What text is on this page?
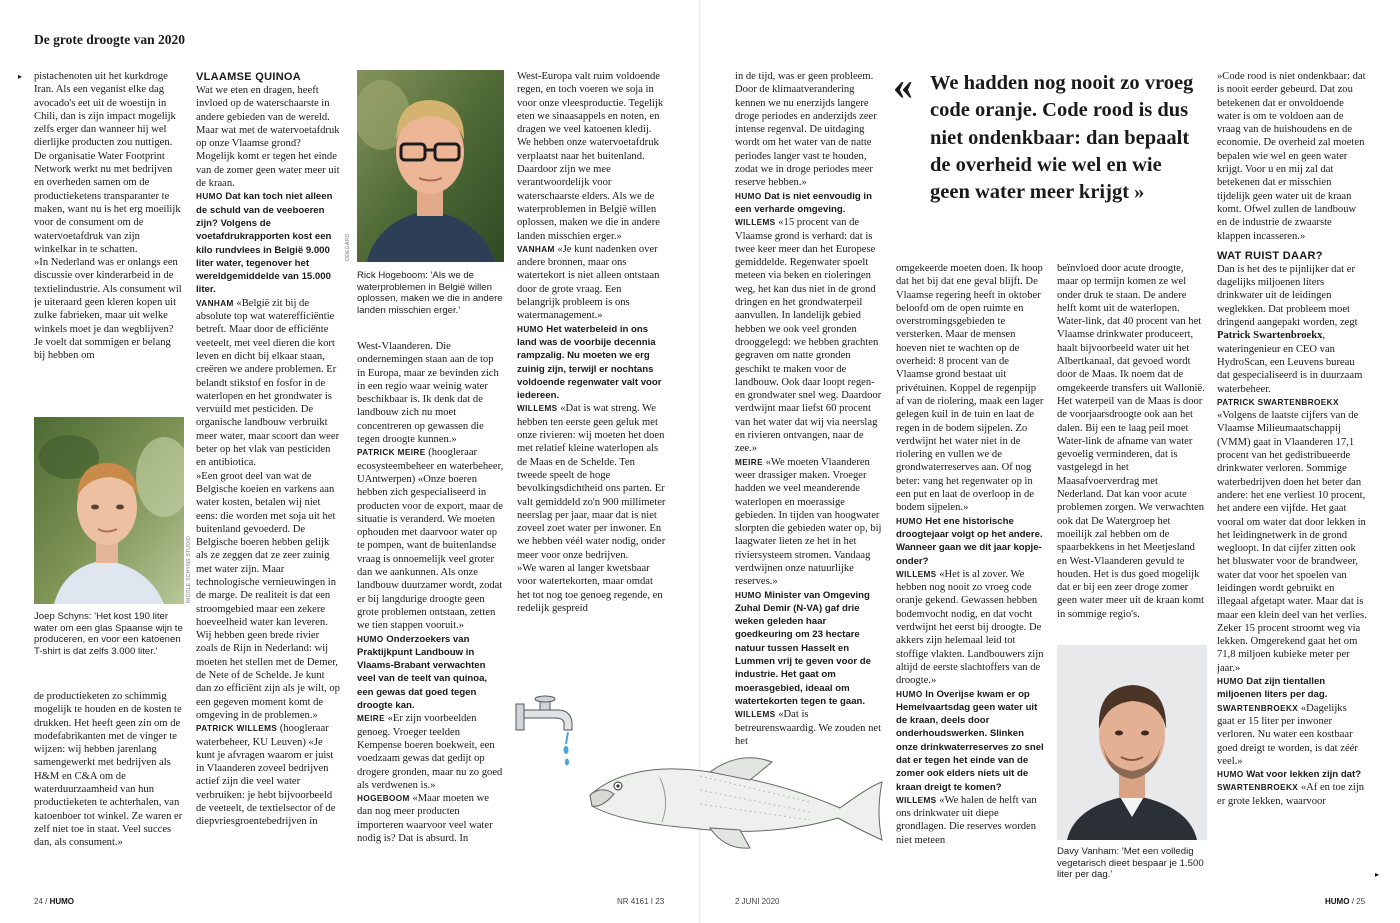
De grote droogte van 2020
▸ pistachenoten uit het kurkdroge Iran. Als een veganist elke dag avocado's eet uit de woestijn in Chili, dan is zijn impact mogelijk zelfs erger dan wanneer hij wel dierlijke producten zou nuttigen. De organisatie Water Footprint Network werkt nu met bedrijven en overheden samen om de productieketens transparanter te maken, want nu is het erg moeilijk voor de consument om de watervoetafdruk van zijn winkelkar in te schatten.

»In Nederland was er onlangs een discussie over kinderarbeid in de textielindustrie. Als consument wil je uiteraard geen kleren kopen uit zulke fabrieken, maar uit welke winkels moet je dan wegblijven? Je voelt dat sommigen er belang bij hebben om

NICOLE SCHYNS STUDIO
Joep Schyns: 'Het kost 190 liter water om een glas Spaanse wijn te produceren, en voor een katoenen T-shirt is dat zelfs 3.000 liter.'

de productieketen zo schimmig mogelijk te houden en de kosten te drukken. Het heeft geen zin om de modefabrikanten met de vinger te wijzen: wij hebben jarenlang samengewerkt met bedrijven als H&M en C&A om de waterduurzaamheid van hun productieketen te achterhalen, van katoenboer tot winkel. Ze waren er zelf niet toe in staat. Veel succes dan, als consument.»

VLAAMSE QUINOA

Wat we eten en dragen, heeft invloed op de waterschaarste in andere gebieden van de wereld. Maar wat met de watervoetafdruk op onze Vlaamse grond? Mogelijk komt er tegen het einde van de zomer geen water meer uit de kraan.

HUMO Dat kan toch niet alleen de schuld van de veeboeren zijn? Volgens de voetafdrukrapporten kost een kilo rundvlees in België 9.000 liter water, tegenover het wereldgemiddelde van 15.000 liter.

VANHAM «België zit bij de absolute top wat waterefficiëntie betreft. Maar door de efficiënte veeteelt, met veel dieren die kort leven en dicht bij elkaar staan, creëren we andere problemen. Er belandt stikstof en fosfor in de waterlopen en het grondwater is vervuild met pesticiden. De organische landbouw verbruikt meer water, maar scoort dan weer beter op het vlak van pesticiden en antibiotica.

»Een groot deel van wat de Belgische koeien en varkens aan water kosten, betalen wij niet eens: die worden met soja uit het buitenland gevoederd. De Belgische boeren hebben gelijk als ze zeggen dat ze zeer zuinig met water zijn. Maar technologische vernieuwingen in de marge. De realiteit is dat een stroomgebied maar een zekere hoeveelheid water kan leveren. Wij hebben geen brede rivier zoals de Rijn in Nederland: wij moeten het stellen met de Demer, de Nete of de Schelde. Je kunt dan zo efficiënt zijn als je wilt, op een gegeven moment komt de omgeving in de problemen.»

PATRICK WILLEMS (hoogleraar waterbeheer, KU Leuven) «Je kunt je afvragen waarom er juist in Vlaanderen zoveel bedrijven actief zijn die veel water verbruiken: je hebt bijvoorbeeld de veeteelt, de textielsector of de diepvriesgroentebedrijven in

ODEGARD
Rick Hogeboom: 'Als we de waterproblemen in België willen oplossen, maken we die in andere landen misschien erger.'

West-Vlaanderen. Die ondernemingen staan aan de top in Europa, maar ze bevinden zich in een regio waar weinig water beschikbaar is. Ik denk dat de landbouw zich nu moet concentreren op gewassen die tegen droogte kunnen.»

PATRICK MEIRE (hoogleraar ecosysteembeheer en waterbeheer, UAntwerpen) «Onze boeren hebben zich gespecialiseerd in producten voor de export, maar de situatie is veranderd. We moeten ophouden met daarvoor water op te pompen, want de buitenlandse vraag is onnoemelijk veel groter dan we aankunnen. Als onze landbouw duurzamer wordt, zodat er bij langdurige droogte geen grote problemen ontstaan, zetten we tien stappen vooruit.»

HUMO Onderzoekers van Praktijkpunt Landbouw in Vlaams-Brabant verwachten veel van de teelt van quinoa, een gewas dat goed tegen droogte kan.

MEIRE «Er zijn voorbeelden genoeg. Vroeger teelden Kempense boeren boekweit, een voedzaam gewas dat gedijt op drogere gronden, maar nu zo goed als verdwenen is.»

HOGEBOOM «Maar moeten we dan nog meer producten importeren waarvoor veel water nodig is? Dat is absurd. In

West-Europa valt ruim voldoende regen, en toch voeren we soja in voor onze vleesproductie. Tegelijk eten we sinaasappels en noten, en dragen we veel katoenen kledij. We hebben onze watervoetafdruk verplaatst naar het buitenland. Daardoor zijn we mee verantwoordelijk voor waterschaarste elders. Als we de waterproblemen in België willen oplossen, maken we die in andere landen misschien erger.»

VANHAM «Je kunt nadenken over andere bronnen, maar ons watertekort is niet alleen ontstaan door de grote vraag. Een belangrijk probleem is ons watermanagement.»

HUMO Het waterbeleid in ons land was de voorbije decennia rampzalig. Nu moeten we erg zuinig zijn, terwijl er nochtans voldoende regenwater valt voor iedereen.

WILLEMS «Dat is wat streng. We hebben ten eerste geen geluk met onze rivieren: wij moeten het doen met relatief kleine waterlopen als de Maas en de Schelde. Ten tweede speelt de hoge bevolkingsdichtheid ons parten. Er valt gemiddeld zo'n 900 millimeter neerslag per jaar, maar dat is niet zoveel zoet water per inwoner. En we hebben véél water nodig, onder meer voor onze bedrijven.

»We waren al langer kwetsbaar voor watertekorten, maar omdat het tot nog toe genoeg regende, en redelijk gespreid

in de tijd, was er geen probleem. Door de klimaatverandering kennen we nu enerzijds langere droge periodes en anderzijds zeer intense regenval. De uitdaging wordt om het water van de natte periodes langer vast te houden, zodat we in droge periodes meer reserve hebben.»

HUMO Dat is niet eenvoudig in een verharde omgeving.

WILLEMS «15 procent van de Vlaamse grond is verhard: dat is twee keer meer dan het Europese gemiddelde. Regenwater spoelt meteen via beken en rioleringen weg, het kan dus niet in de grond dringen en het grondwaterpeil aanvullen. In landelijk gebied hebben we ook veel gronden drooggelegd: we hebben grachten gegraven om natte gronden geschikt te maken voor de landbouw. Ook daar loopt regen- en grondwater snel weg. Daardoor verdwijnt maar liefst 60 procent van het water dat wij via neerslag en rivieren ontvangen, naar de zee.»

MEIRE «We moeten Vlaanderen weer drassiger maken. Vroeger hadden we veel meanderende waterlopen en moerassige gebieden. In tijden van hoogwater slorpten die gebieden water op, bij laagwater lieten ze het in het riviersysteem stromen. Vandaag verdwijnen onze natuurlijke reserves.»

HUMO Minister van Omgeving Zuhal Demir (N-VA) gaf drie weken geleden haar goedkeuring om 23 hectare natuur tussen Hasselt en Lummen vrij te geven voor de industrie. Het gaat om moerasgebied, ideaal om watertekorten tegen te gaan.

WILLEMS «Dat is betreurenswaardig. We zouden net het

« We hadden nog nooit zo vroeg code oranje. Code rood is dus niet ondenkbaar: dan bepaalt de overheid wie wel en wie geen water meer krijgt »

omgekeerde moeten doen. Ik hoop dat het bij dat ene geval blijft. De Vlaamse regering heeft in oktober beloofd om de open ruimte en overstromingsgebieden te versterken. Maar de mensen hoeven niet te wachten op de overheid: 8 procent van de Vlaamse grond bestaat uit privétuinen. Koppel de regenpijp af van de riolering, maak een lager gelegen kuil in de tuin en laat de regen in de bodem sijpelen. Zo verdwijnt het water niet in de riolering en vullen we de grondwaterreserves aan. Of nog beter: vang het regenwater op in een put en laat de overloop in de bodem sijpelen.»

HUMO Het ene historische droogtejaar volgt op het andere. Wanneer gaan we dit jaar kopje-onder?

WILLEMS «Het is al zover. We hebben nog nooit zo vroeg code oranje gekend. Gewassen hebben bodemvocht nodig, en dat vocht verdwijnt het eerst bij droogte. De akkers zijn helemaal leid tot stoffige vlakten. Landbouwers zijn altijd de eerste slachtoffers van de droogte.»

HUMO In Overijse kwam er op Hemelvaartsdag geen water uit de kraan, deels door onderhoudswerken. Slinken onze drinkwaterreserves zo snel dat er tegen het einde van de zomer ook elders niets uit de kraan dreigt te komen?

WILLEMS «We halen de helft van ons drinkwater uit diepe grondlagen. Die reserves worden niet meteen

beïnvloed door acute droogte, maar op termijn komen ze wel onder druk te staan. De andere helft komt uit de waterlopen. Water-link, dat 40 procent van het Vlaamse drinkwater produceert, haalt bijvoorbeeld water uit het Albertkanaal, dat gevoed wordt door de Maas. Ik noem dat de omgekeerde transfers uit Wallonië. Het waterpeil van de Maas is door de voorjaarsdroogte ook aan het dalen. Bij een te laag peil moet Water-link de afname van water gevoelig verminderen, dat is vastgelegd in het Maasafvoerverdrag met Nederland. Dat kan voor acute problemen zorgen. We verwachten ook dat De Watergroep het moeilijk zal hebben om de spaarbekkens in het Meetjesland en West-Vlaanderen gevuld te houden. Het is dus goed mogelijk dat er bij een zeer droge zomer geen water meer uit de kraan komt in sommige regio's.

Davy Vanham: 'Met een volledig vegetarisch dieet bespaar je 1.500 liter per dag.'

»Code rood is niet ondenkbaar: dat is nooit eerder gebeurd. Dat zou betekenen dat er onvoldoende water is om te voldoen aan de vraag van de huishoudens en de economie. De overheid zal moeten bepalen wie wel en geen water krijgt. Voor u en mij zal dat betekenen dat er misschien tijdelijk geen water uit de kraan komt. Ofwel zullen de landbouw en de industrie de zwaarste klappen incasseren.»

WAT RUIST DAAR?

Dan is het des te pijnlijker dat er dagelijks miljoenen liters drinkwater uit de leidingen weglekken. Dat probleem moet dringend aangepakt worden, zegt Patrick Swartenbroekx, wateringenieur en CEO van HydroScan, een Leuvens bureau dat gespecialiseerd is in duurzaam waterbeheer.

PATRICK SWARTENBROEKX «Volgens de laatste cijfers van de Vlaamse Milieumaatschappij (VMM) gaat in Vlaanderen 17,1 procent van het gedistribueerde drinkwater verloren. Sommige waterbedrijven doen het beter dan andere: het ene verliest 10 procent, het andere een vijfde. Het gaat vooral om water dat door lekken in het leidingnetwerk in de grond wegloopt. In dat cijfer zitten ook het bluswater voor de brandweer, water dat voor het spoelen van leidingen wordt gebruikt en illegaal afgetapt water. Maar dat is maar een klein deel van het verlies. Zeker 15 procent stroomt weg via lekken. Omgerekend gaat het om 71,8 miljoen kubieke meter per jaar.»

HUMO Dat zijn tientallen miljoenen liters per dag.

SWARTENBROEKX «Dagelijks gaat er 15 liter per inwoner verloren. Nu water een kostbaar goed dreigt te worden, is dat zéér veel.»

HUMO Wat voor lekken zijn dat?

SWARTENBROEKX «Af en toe zijn er grote lekken, waarvoor

▸
24 / HUMO	NR 4161 I 23	2 JUNI 2020	HUMO / 25
